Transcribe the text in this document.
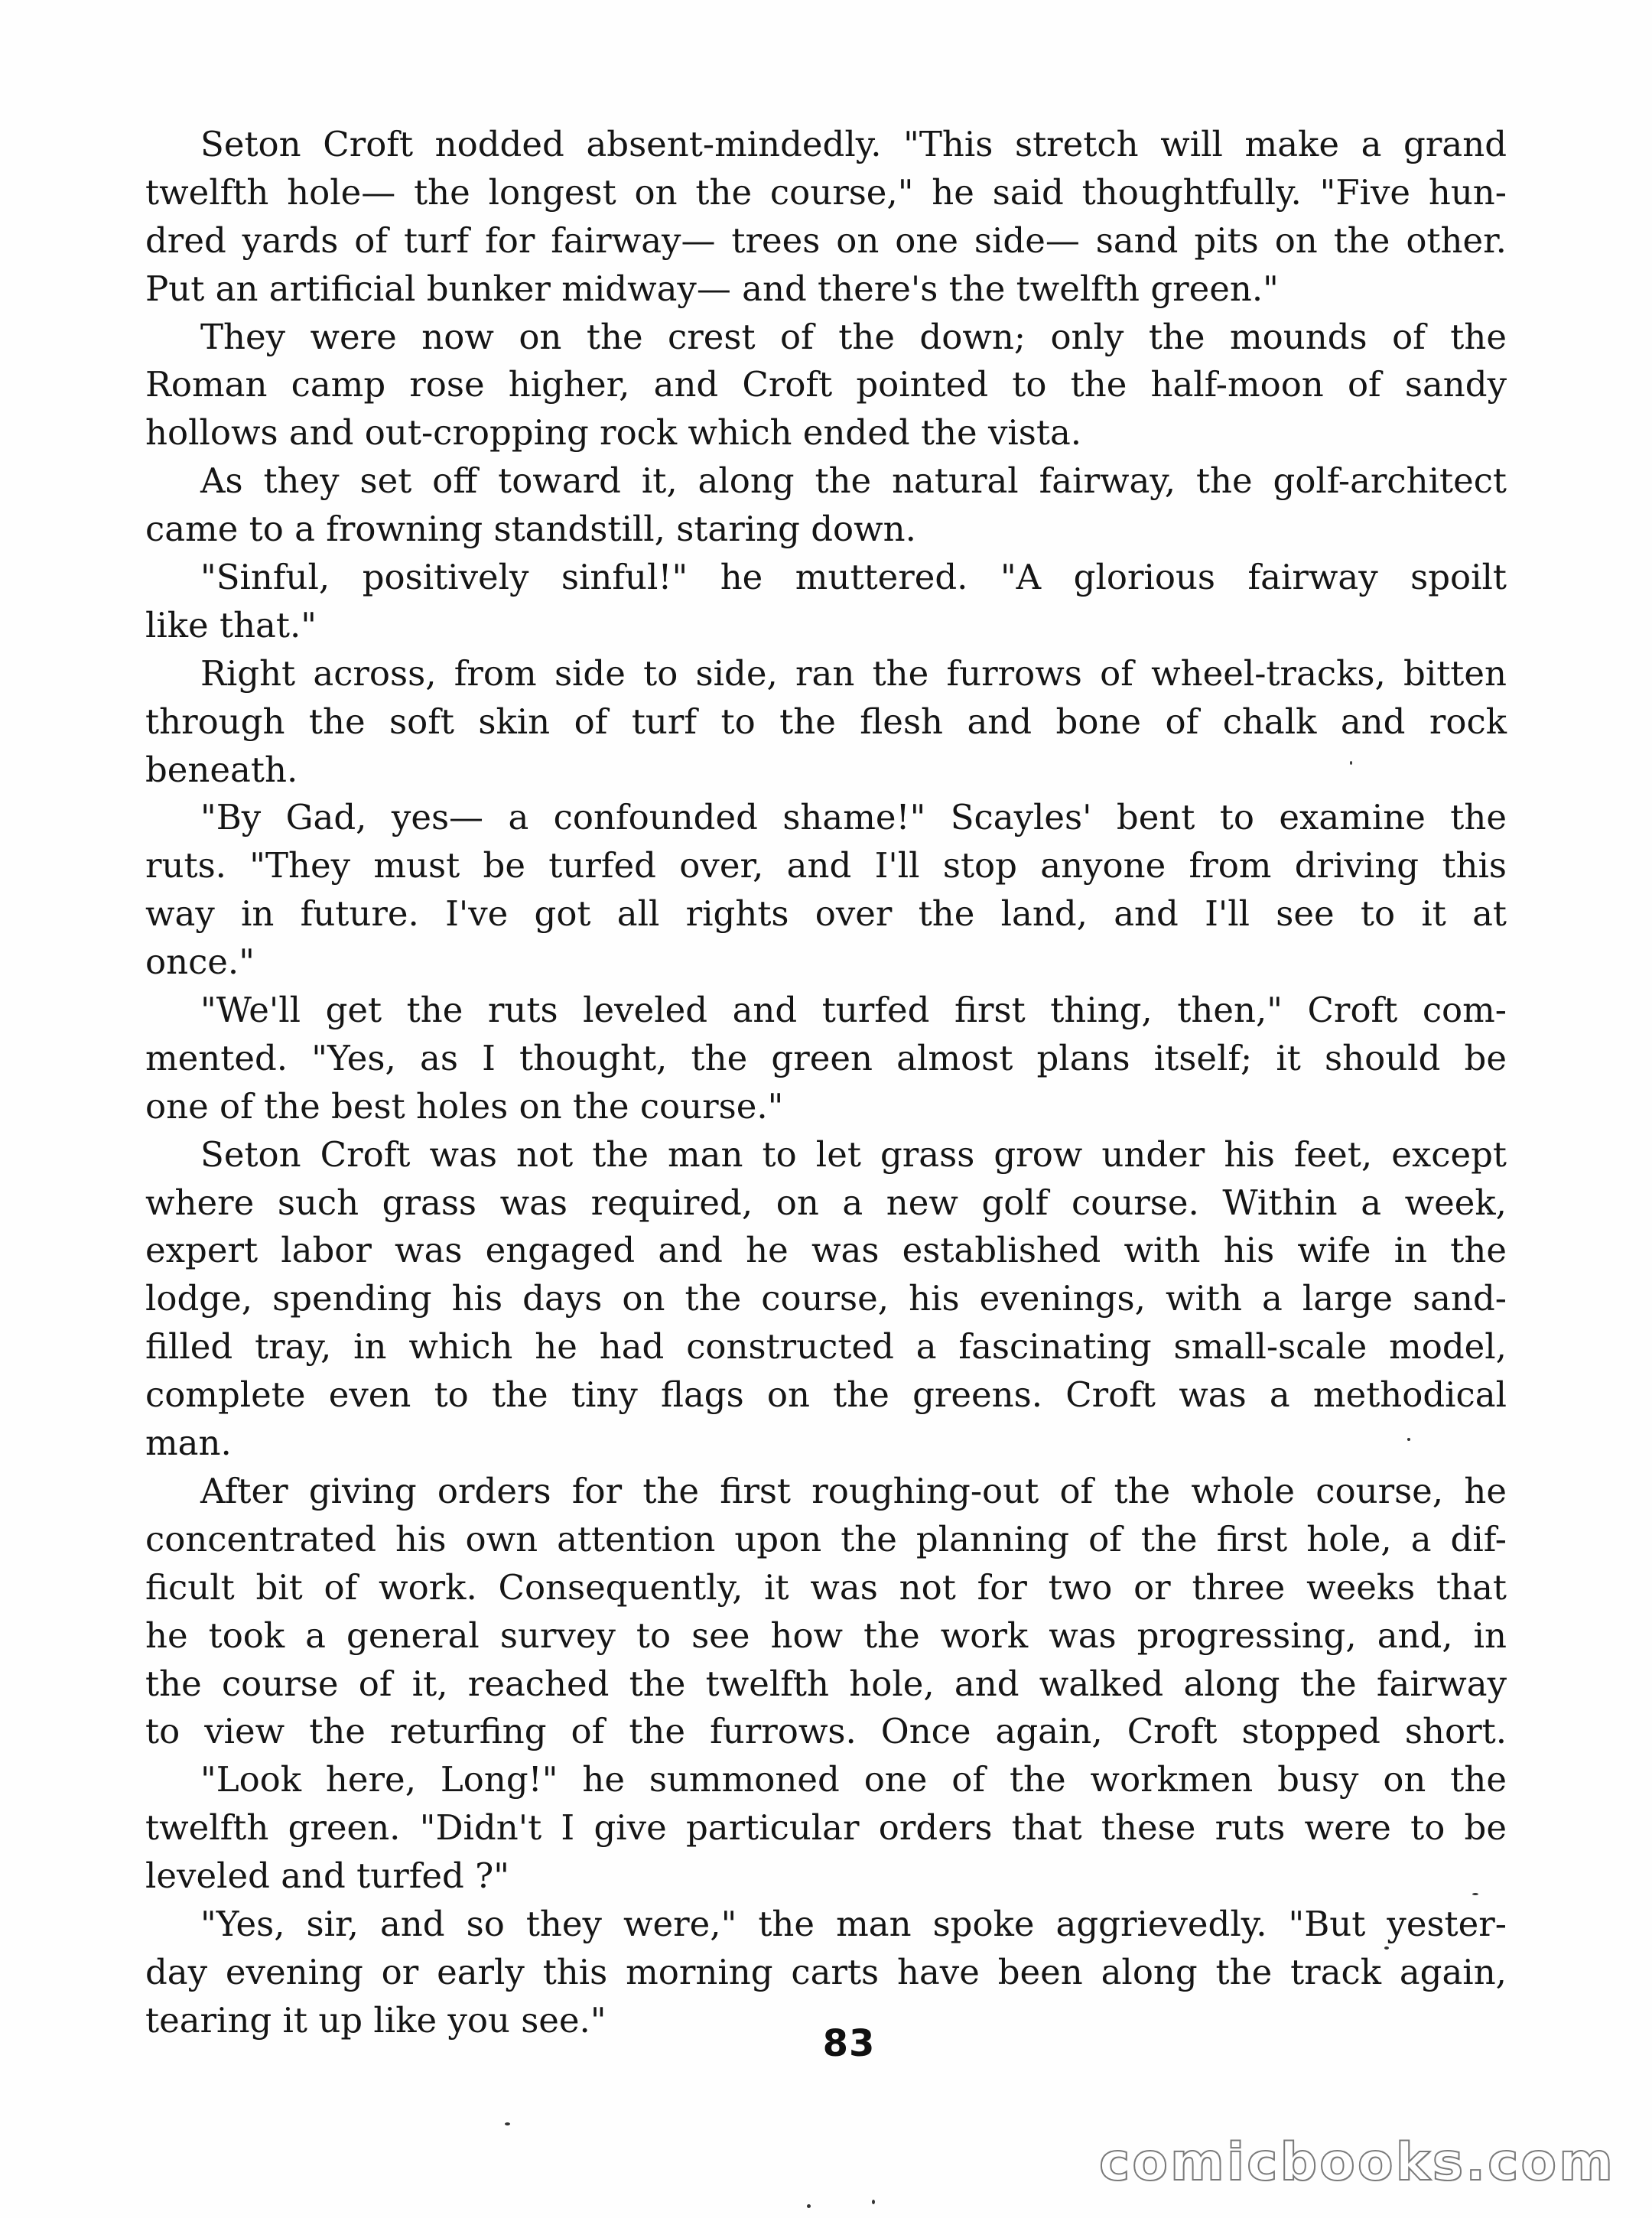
Seton Croft nodded absent-mindedly. "This stretch will make a grand
twelfth hole— the longest on the course," he said thoughtfully. "Five hun-
dred yards of turf for fairway— trees on one side— sand pits on the other.
Put an artificial bunker midway— and there's the twelfth green."
They were now on the crest of the down; only the mounds of the
Roman camp rose higher, and Croft pointed to the half-moon of sandy
hollows and out-cropping rock which ended the vista.
As they set off toward it, along the natural fairway, the golf-architect
came to a frowning standstill, staring down.
"Sinful, positively sinful!" he muttered. "A glorious fairway spoilt
like that."
Right across, from side to side, ran the furrows of wheel-tracks, bitten
through the soft skin of turf to the flesh and bone of chalk and rock
beneath.
"By Gad, yes— a confounded shame!" Scayles' bent to examine the
ruts. "They must be turfed over, and I'll stop anyone from driving this
way in future. I've got all rights over the land, and I'll see to it at
once."
"We'll get the ruts leveled and turfed first thing, then," Croft com-
mented. "Yes, as I thought, the green almost plans itself; it should be
one of the best holes on the course."
Seton Croft was not the man to let grass grow under his feet, except
where such grass was required, on a new golf course. Within a week,
expert labor was engaged and he was established with his wife in the
lodge, spending his days on the course, his evenings, with a large sand-
filled tray, in which he had constructed a fascinating small-scale model,
complete even to the tiny flags on the greens. Croft was a methodical
man.
After giving orders for the first roughing-out of the whole course, he
concentrated his own attention upon the planning of the first hole, a dif-
ficult bit of work. Consequently, it was not for two or three weeks that
he took a general survey to see how the work was progressing, and, in
the course of it, reached the twelfth hole, and walked along the fairway
to view the returfing of the furrows. Once again, Croft stopped short.
"Look here, Long!" he summoned one of the workmen busy on the
twelfth green. "Didn't I give particular orders that these ruts were to be
leveled and turfed ?"
"Yes, sir, and so they were," the man spoke aggrievedly. "But yester-
day evening or early this morning carts have been along the track again,
tearing it up like you see."
83
comicbooks.com
